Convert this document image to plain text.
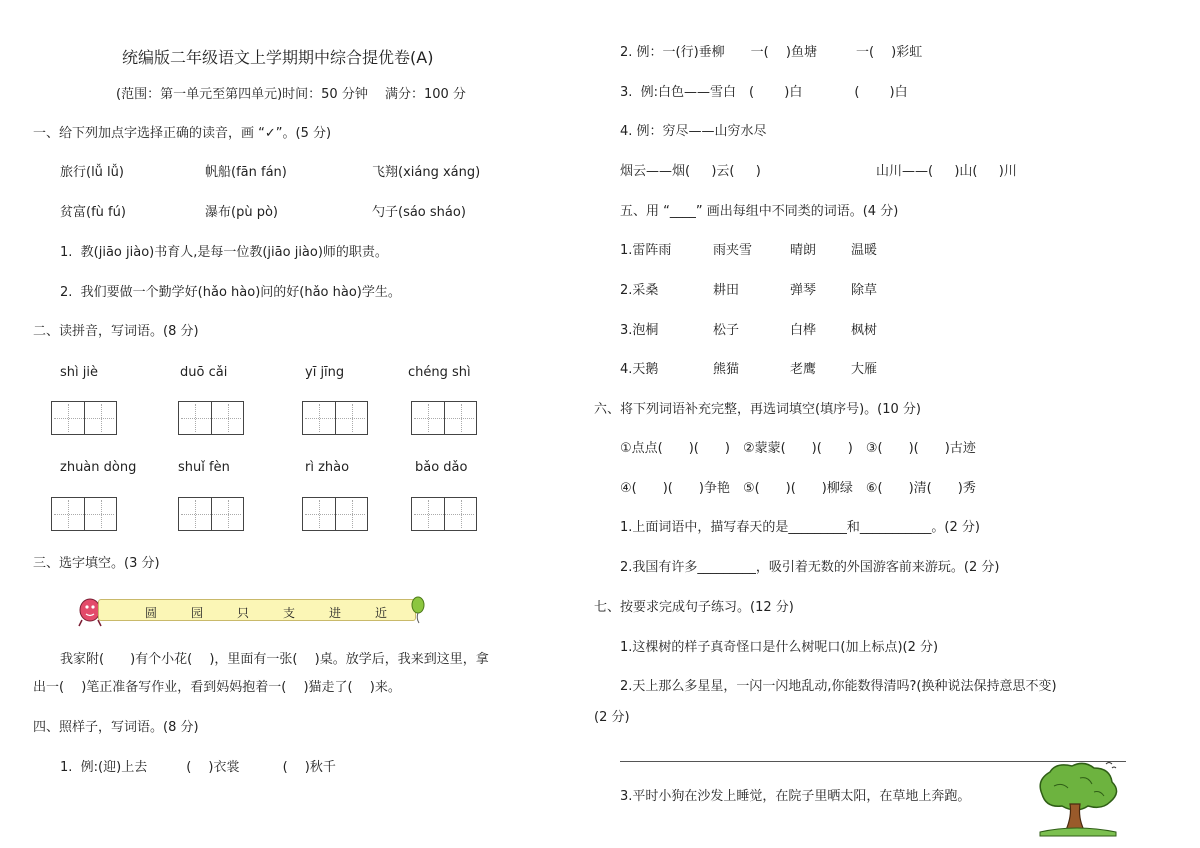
统编版二年级语文上学期期中综合提优卷(A)
(范围：第一单元至第四单元)时间：50 分钟　 满分：100 分
一、给下列加点字选择正确的读音，画 “✓”。(5 分)
旅行(lǚ lǚ)	帆船(fān fán)	飞翔(xiáng xáng)
贫富(fù fú)	瀑布(pù pò)	勺子(sáo sháo)
1.  教(jiāo jiào)书育人,是每一位教(jiāo jiào)师的职责。
2.  我们要做一个勤学好(hǎo hào)问的好(hǎo hào)学生。
二、读拼音，写词语。(8 分)
shì jiè	duō cǎi	yī jīng	chéng shì
zhuàn dòng	shuǐ fèn	rì zhào	bǎo dǎo
三、选字填空。(3 分)
圆	园	只	支	进	近
我家附(　　)有个小花(　 )，里面有一张(　 )桌。放学后，我来到这里，拿
出一(　 )笔正准备写作业，看到妈妈抱着一(　 )猫走了(　 )来。
四、照样子，写词语。(8 分)
1.  例:(迎)上去　　　(　 )衣裳　　　 (　 )秋千
2. 例：一(行)垂柳　　一(　 )鱼塘　　　一(　 )彩虹
3.  例:白色——雪白　(　　 )白　　　　(　　 )白
4. 例：穷尽——山穷水尽
烟云——烟(　  )云(　  )	山川——(　  )山(　  )川
五、用 “____” 画出每组中不同类的词语。(4 分)
1.雷阵雨	雨夹雪	晴朗	温暖
2.采桑	耕田	弹琴	除草
3.泡桐	松子	白桦	枫树
4.天鹅	熊猫	老鹰	大雁
六、将下列词语补充完整，再选词填空(填序号)。(10 分)
①点点(　　)(　　)　②蒙蒙(　　)(　　)　③(　　)(　　)古迹
④(　　)(　　)争艳　⑤(　　)(　　)柳绿　⑥(　　)清(　　)秀
1.上面词语中，描写春天的是_________和___________。(2 分)
2.我国有许多_________，吸引着无数的外国游客前来游玩。(2 分)
七、按要求完成句子练习。(12 分)
1.这棵树的样子真奇怪口是什么树呢口(加上标点)(2 分)
2.天上那么多星星，一闪一闪地乱动,你能数得清吗?(换种说法保持意思不变)
(2 分)
3.平时小狗在沙发上睡觉，在院子里晒太阳，在草地上奔跑。
